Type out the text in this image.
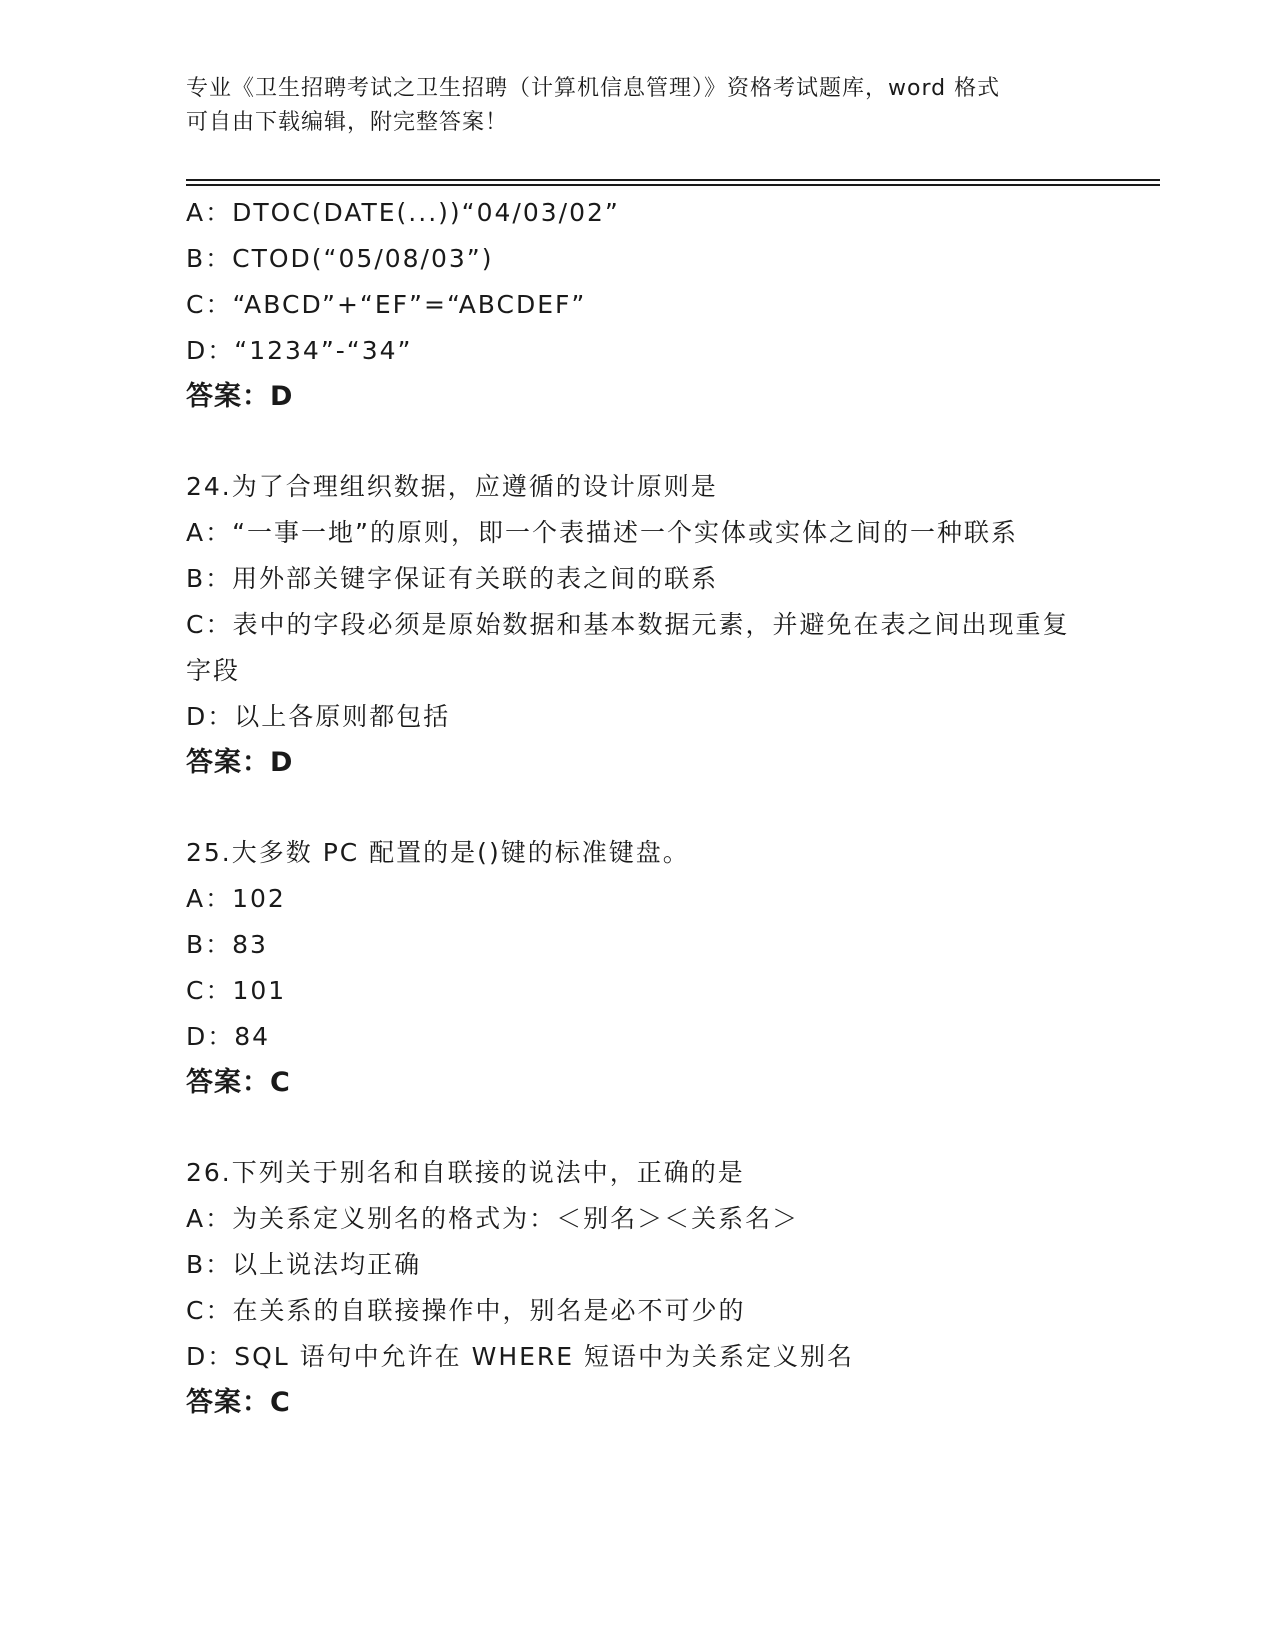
专业《卫生招聘考试之卫生招聘（计算机信息管理）》资格考试题库，word 格式
可自由下载编辑，附完整答案！
A：DTOC(DATE(...))“04/03/02”
B：CTOD(“05/08/03”)
C：“ABCD”+“EF”=“ABCDEF”
D：“1234”-“34”
答案：D
24.为了合理组织数据，应遵循的设计原则是
A：“一事一地”的原则，即一个表描述一个实体或实体之间的一种联系
B：用外部关键字保证有关联的表之间的联系
C：表中的字段必须是原始数据和基本数据元素，并避免在表之间出现重复字段
D：以上各原则都包括
答案：D
25.大多数 PC 配置的是()键的标准键盘。
A：102
B：83
C：101
D：84
答案：C
26.下列关于别名和自联接的说法中，正确的是
A：为关系定义别名的格式为：＜别名＞＜关系名＞
B：以上说法均正确
C：在关系的自联接操作中，别名是必不可少的
D：SQL 语句中允许在 WHERE 短语中为关系定义别名
答案：C
